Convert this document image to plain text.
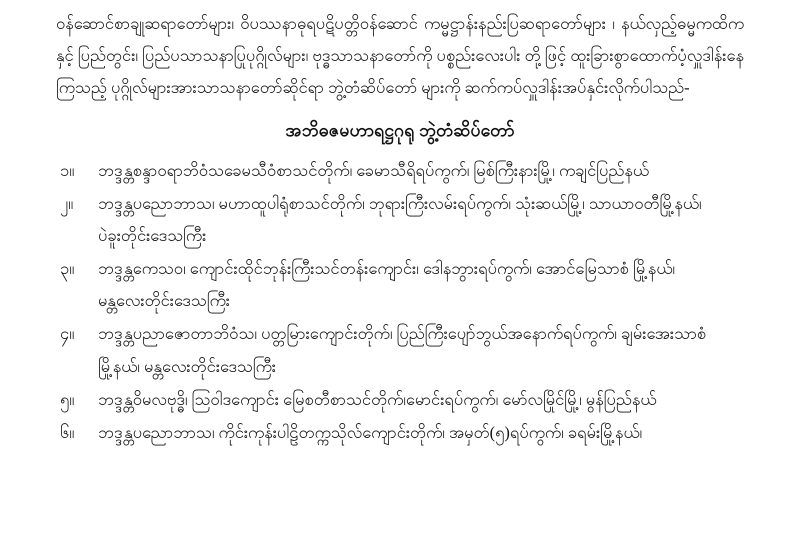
ဝန်ဆောင်စာချုဆရာတော်များ၊ ဝိပဿနာဓုရပဋိပတ္တိဝန်ဆောင် ကမ္မဋ္ဌာန်းနည်းပြဆရာတော်များ ၊ နယ်လှည့်ဓမ္မကထိကနှင့် ပြည်တွင်း၊ ပြည်ပသာသနာပြုပုဂ္ဂိုလ်များ၊ ဗုဒ္ဓသာသနာတော်ကို ပစ္စည်းလေးပါး တို့ဖြင့် ထူးခြားစွာထောက်ပံ့လှူဒါန်းနေကြသည့် ပုဂ္ဂိုလ်များအားသာသနာတော်ဆိုင်ရာ ဘွဲ့တံဆိပ်တော် များကို ဆက်ကပ်လှူဒါန်းအပ်နှင်းလိုက်ပါသည်-

အဘိဓဇမဟာရဋ္ဌဂုရု ဘွဲ့တံဆိပ်တော်
၁။	ဘဒ္ဒန္တစန္ဒာဝရာဘိဝံသခေမသီဝံစာသင်တိုက်၊ ခေမာသီရိရပ်ကွက်၊ မြစ်ကြီးနားမြို့၊ ကချင်ပြည်နယ်
၂။	ဘဒ္ဒန္တပညောဘာသ၊ မဟာထူပါရုံစာသင်တိုက်၊ ဘုရားကြီးလမ်းရပ်ကွက်၊ သုံးဆယ်မြို့၊ သာယာဝတီမြို့နယ်၊ ပဲခူးတိုင်းဒေသကြီး
၃။	ဘဒ္ဒန္တကေသဝ၊ ကျောင်းထိုင်ဘုန်းကြီးသင်တန်းကျောင်း၊ ဒေါနဘွားရပ်ကွက်၊ အောင်မြေသာစံ မြို့နယ်၊ မန္တလေးတိုင်းဒေသကြီး
၄။	ဘဒ္ဒန္တပညာဇောတာဘိဝံသ၊ ပတ္တမြားကျောင်းတိုက်၊ ပြည်ကြီးပျော်ဘွယ်အနောက်ရပ်ကွက်၊ ချမ်းအေးသာစံမြို့နယ်၊ မန္တလေးတိုင်းဒေသကြီး
၅။	ဘဒ္ဒန္တဝိမလဗုဒ္ဓိ၊ ဩဝါဒကျောင်း မြေစတီစာသင်တိုက်၊မောင်းရပ်ကွက်၊ မော်လမြိုင်မြို့၊ မွန်ပြည်နယ်
၆။	ဘဒ္ဒန္တပညောဘာသ၊ ကိုင်းကုန်းပါဠိတက္ကသိုလ်ကျောင်းတိုက်၊ အမှတ်(၅)ရပ်ကွက်၊ ခရမ်းမြို့နယ်၊
